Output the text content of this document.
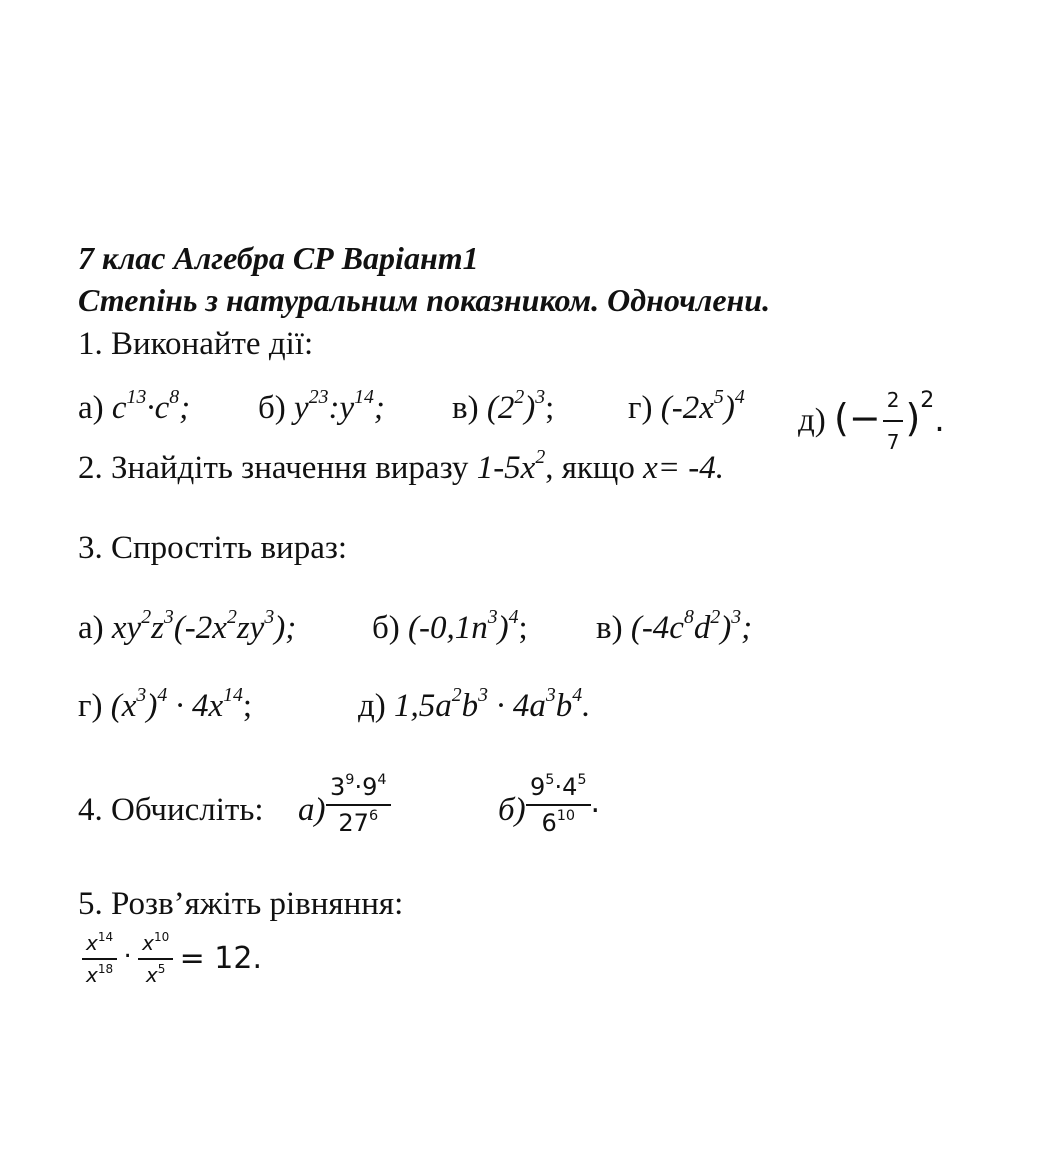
7 клас Алгебра СР Варіант1
Степінь з натуральним показником. Одночлени.
1. Виконайте дії:
а) $c^{13}\cdot c^8$; б) $y^{23}:y^{14}$; в) $(2^2)^3$; г) $(-2x^5)^4$
д) (− $\frac{2}{7} )^2$.
2. Знайдіть значення виразу $1-5x^2$, якщо x= -4.
3. Спростіть вираз:
а) $xy^2z^3(-2x^2zy^3)$; б) $(-0,1n^3)^4$; в) $(-4c^8d^2)^3$;
г) $(x^3)^4 \cdot 4x^{14}$;	д) $1,5a^2b^3 \cdot 4a^3b^4$.
4. Обчисліть: $а) \frac{3^9\cdot 9^4}{27^6}$	$б) \frac{9^5\cdot 4^5}{6^{10}}$ .
5. Розв’яжіть рівняння:
$\frac{x^{14}}{x^{18}} \cdot \frac{x^{10}}{x^5} = 12$.
